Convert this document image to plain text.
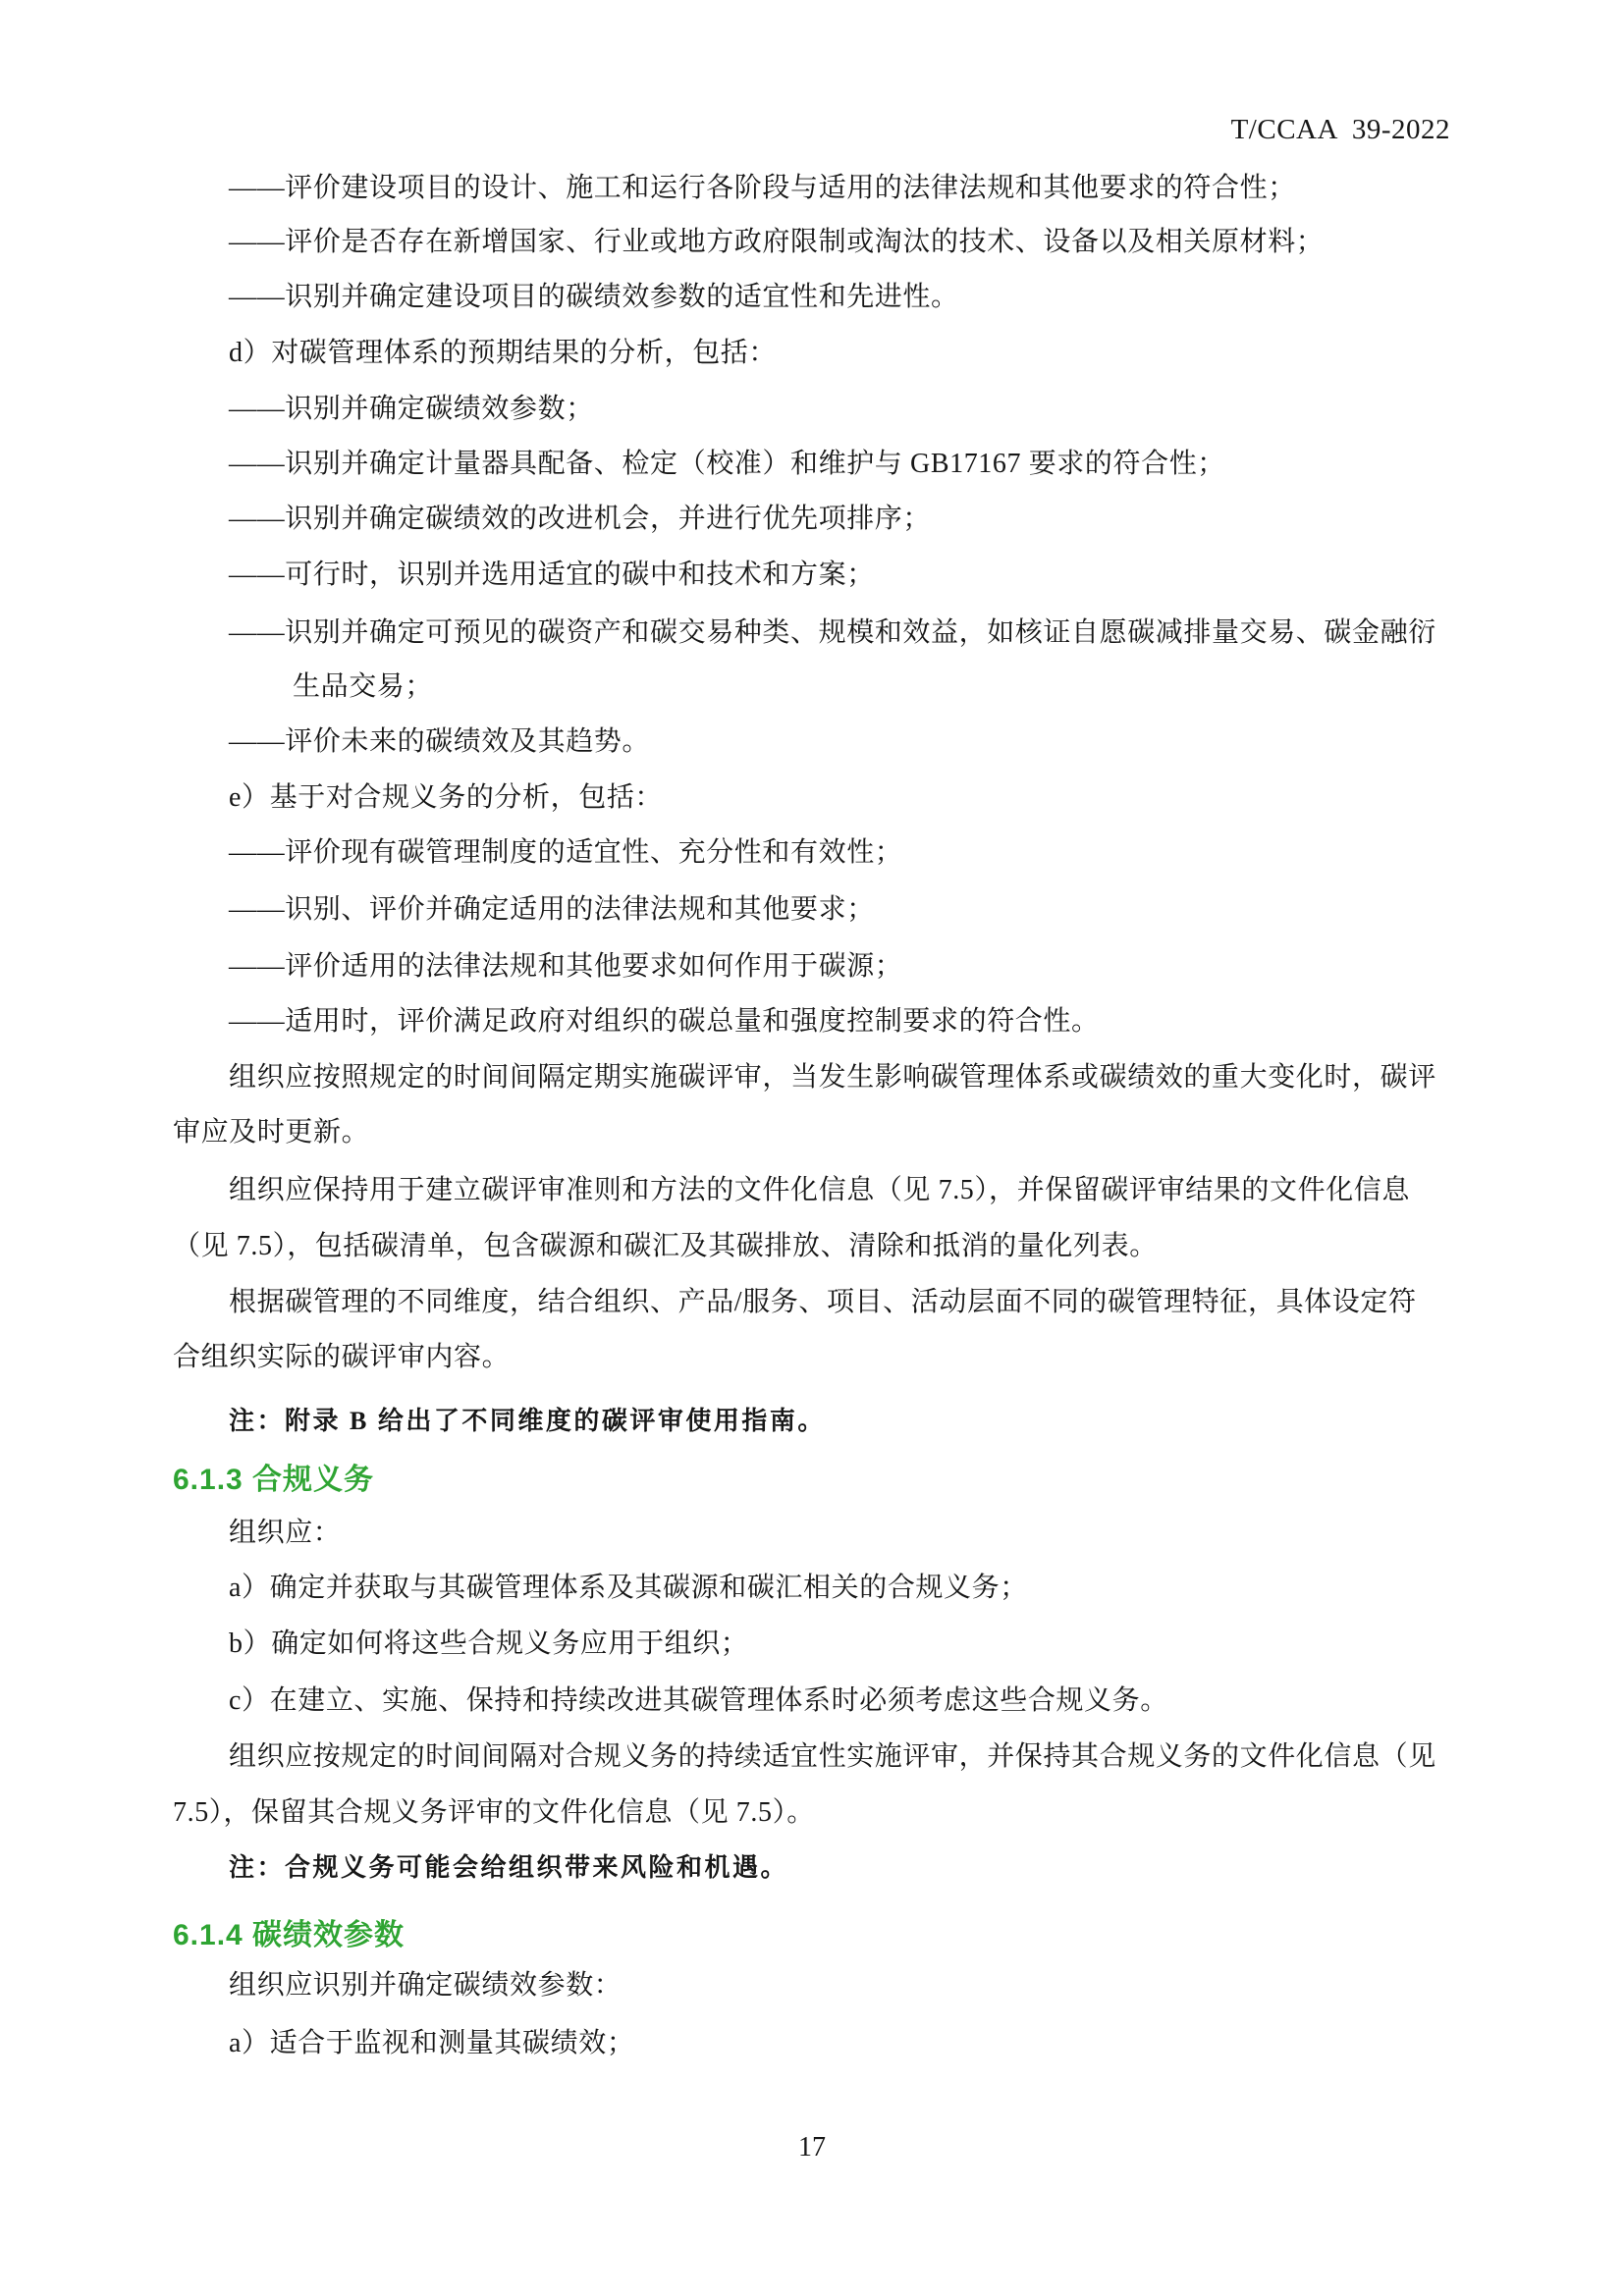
T/CCAA  39-2022
——评价建设项目的设计、施工和运行各阶段与适用的法律法规和其他要求的符合性；
——评价是否存在新增国家、行业或地方政府限制或淘汰的技术、设备以及相关原材料；
——识别并确定建设项目的碳绩效参数的适宜性和先进性。
d）对碳管理体系的预期结果的分析，包括：
——识别并确定碳绩效参数；
——识别并确定计量器具配备、检定（校准）和维护与 GB17167 要求的符合性；
——识别并确定碳绩效的改进机会，并进行优先项排序；
——可行时，识别并选用适宜的碳中和技术和方案；
——识别并确定可预见的碳资产和碳交易种类、规模和效益，如核证自愿碳减排量交易、碳金融衍
生品交易；
——评价未来的碳绩效及其趋势。
e）基于对合规义务的分析，包括：
——评价现有碳管理制度的适宜性、充分性和有效性；
——识别、评价并确定适用的法律法规和其他要求；
——评价适用的法律法规和其他要求如何作用于碳源；
——适用时，评价满足政府对组织的碳总量和强度控制要求的符合性。
组织应按照规定的时间间隔定期实施碳评审，当发生影响碳管理体系或碳绩效的重大变化时，碳评
审应及时更新。
组织应保持用于建立碳评审准则和方法的文件化信息（见 7.5），并保留碳评审结果的文件化信息
（见 7.5），包括碳清单，包含碳源和碳汇及其碳排放、清除和抵消的量化列表。
根据碳管理的不同维度，结合组织、产品/服务、项目、活动层面不同的碳管理特征，具体设定符
合组织实际的碳评审内容。
注：附录 B 给出了不同维度的碳评审使用指南。
6.1.3 合规义务
组织应：
a）确定并获取与其碳管理体系及其碳源和碳汇相关的合规义务；
b）确定如何将这些合规义务应用于组织；
c）在建立、实施、保持和持续改进其碳管理体系时必须考虑这些合规义务。
组织应按规定的时间间隔对合规义务的持续适宜性实施评审，并保持其合规义务的文件化信息（见
7.5），保留其合规义务评审的文件化信息（见 7.5）。
注：合规义务可能会给组织带来风险和机遇。
6.1.4 碳绩效参数
组织应识别并确定碳绩效参数：
a）适合于监视和测量其碳绩效；
17
